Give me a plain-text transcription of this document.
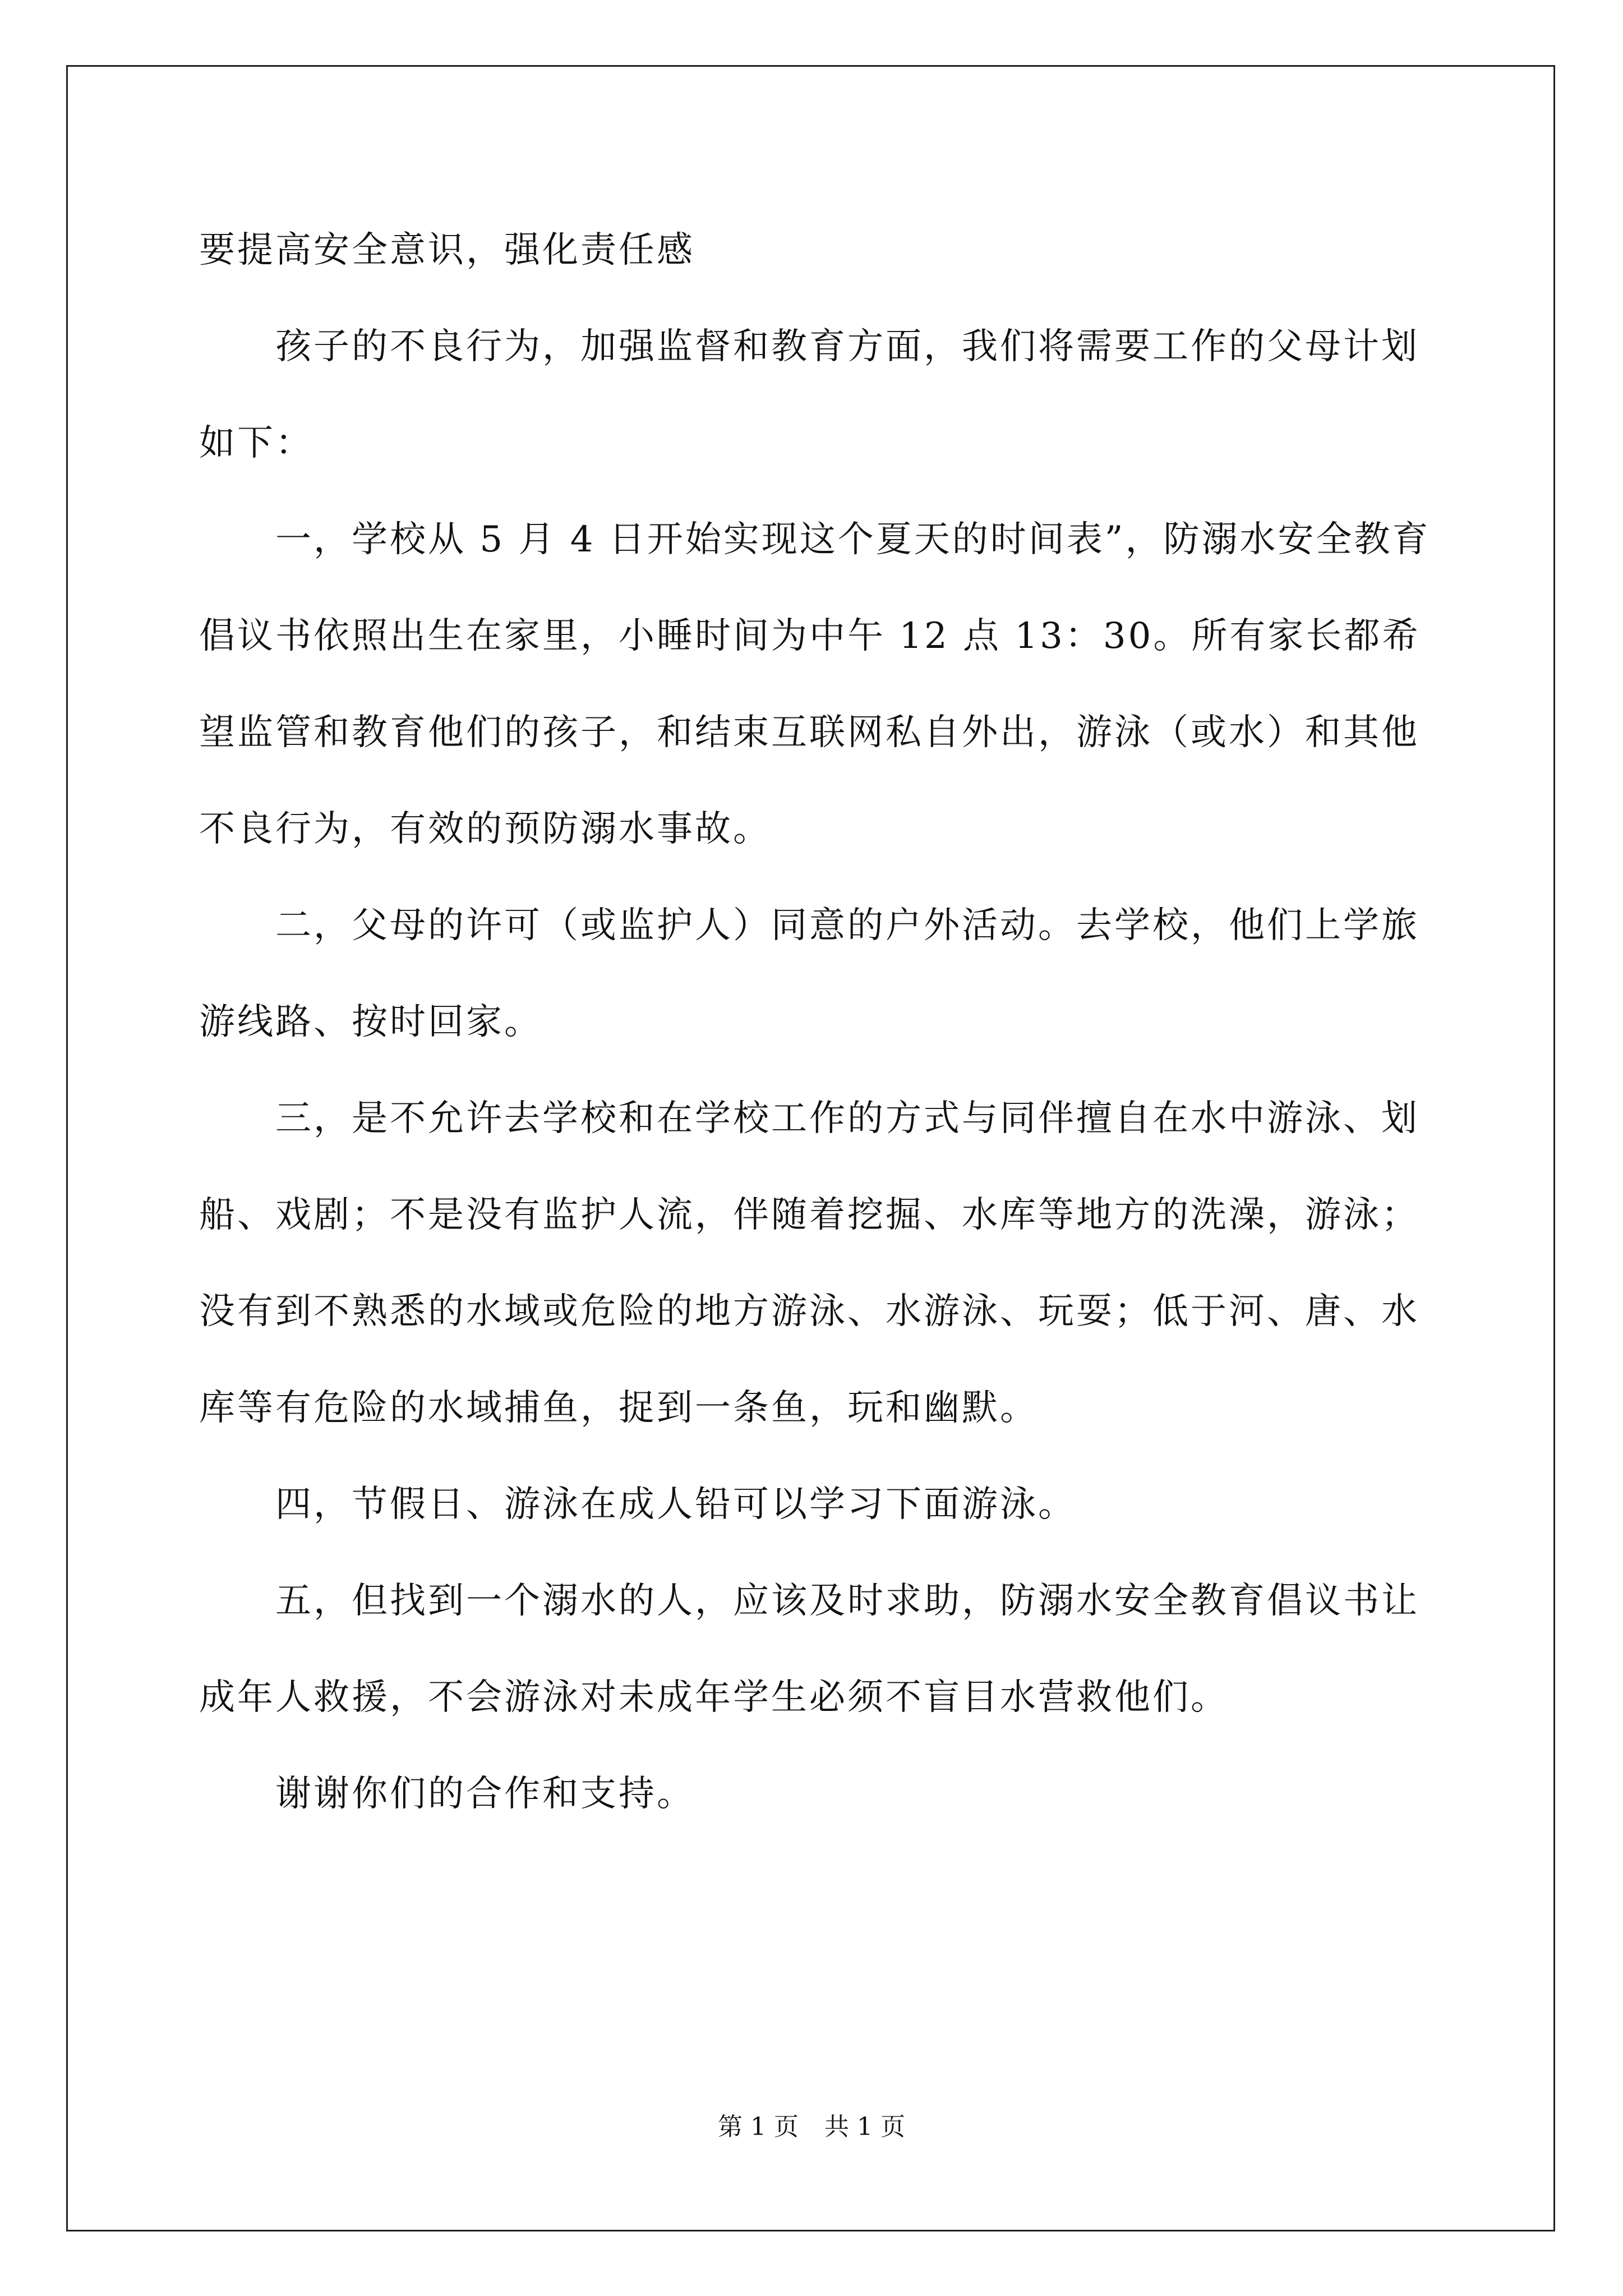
要提高安全意识，强化责任感

孩子的不良行为，加强监督和教育方面，我们将需要工作的父母计划如下：

一，学校从 5 月 4 日开始实现这个夏天的时间表”，防溺水安全教育倡议书依照出生在家里，小睡时间为中午 12 点 13：30。所有家长都希望监管和教育他们的孩子，和结束互联网私自外出，游泳（或水）和其他不良行为，有效的预防溺水事故。

二，父母的许可（或监护人）同意的户外活动。去学校，他们上学旅游线路、按时回家。

三，是不允许去学校和在学校工作的方式与同伴擅自在水中游泳、划船、戏剧；不是没有监护人流，伴随着挖掘、水库等地方的洗澡，游泳；没有到不熟悉的水域或危险的地方游泳、水游泳、玩耍；低于河、唐、水库等有危险的水域捕鱼，捉到一条鱼，玩和幽默。

四，节假日、游泳在成人铅可以学习下面游泳。

五，但找到一个溺水的人，应该及时求助，防溺水安全教育倡议书让成年人救援，不会游泳对未成年学生必须不盲目水营救他们。

谢谢你们的合作和支持。

第 1 页 共 1 页
